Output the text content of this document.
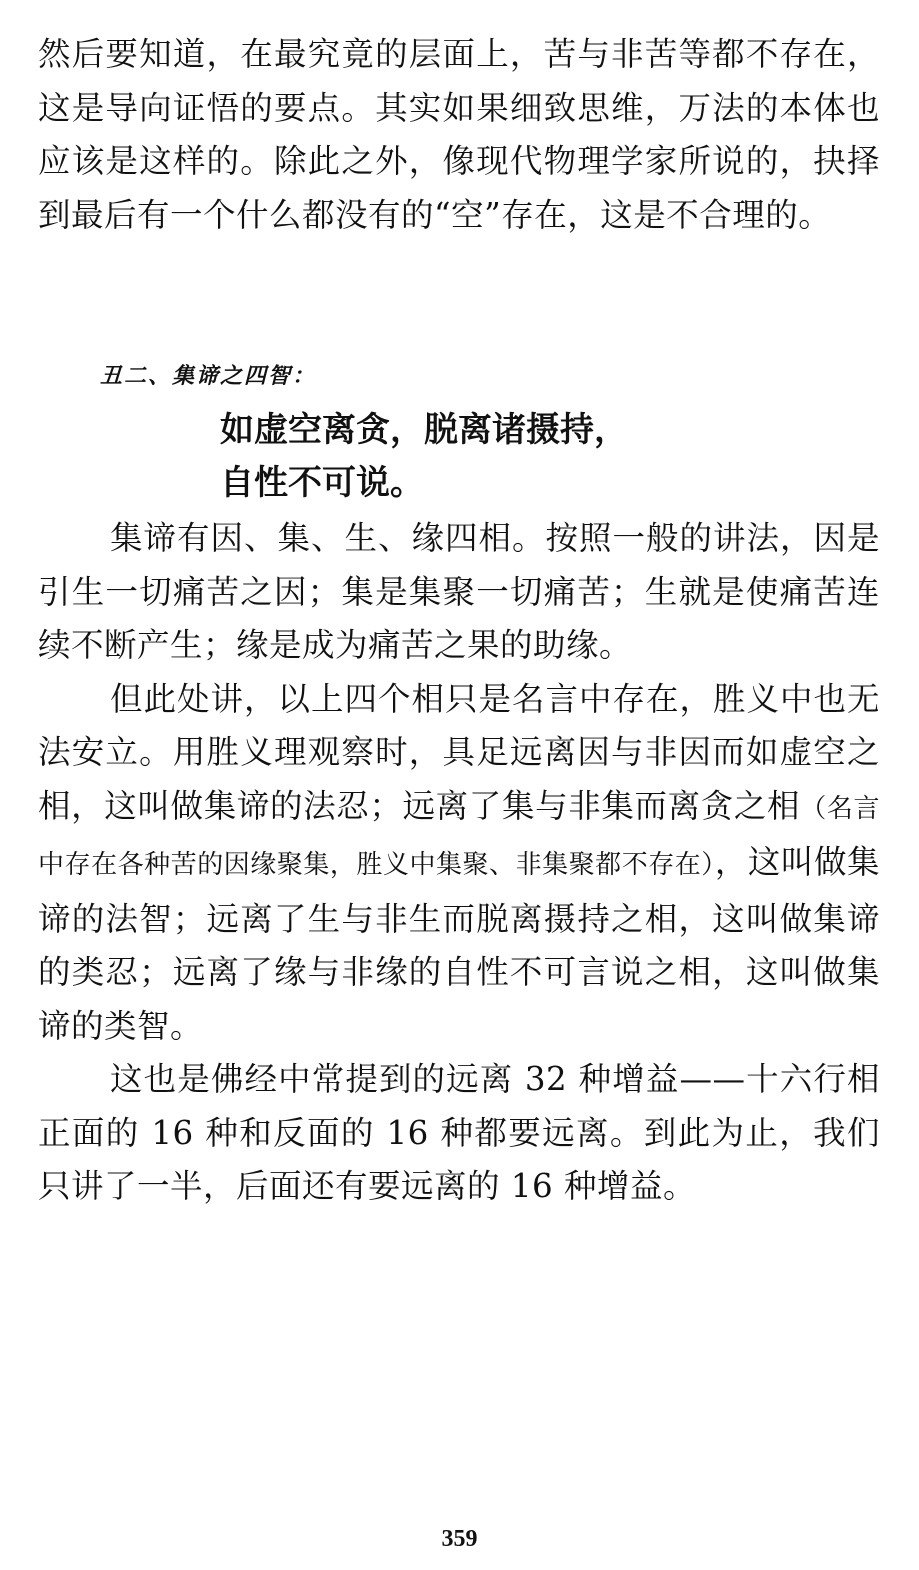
然后要知道，在最究竟的层面上，苦与非苦等都不存在，这是导向证悟的要点。其实如果细致思维，万法的本体也应该是这样的。除此之外，像现代物理学家所说的，抉择到最后有一个什么都没有的“空”存在，这是不合理的。

丑二、集谛之四智：
如虚空离贪，脱离诸摄持，
自性不可说。

集谛有因、集、生、缘四相。按照一般的讲法，因是引生一切痛苦之因；集是集聚一切痛苦；生就是使痛苦连续不断产生；缘是成为痛苦之果的助缘。

但此处讲，以上四个相只是名言中存在，胜义中也无法安立。用胜义理观察时，具足远离因与非因而如虚空之相，这叫做集谛的法忍；远离了集与非集而离贪之相（名言中存在各种苦的因缘聚集，胜义中集聚、非集聚都不存在），这叫做集谛的法智；远离了生与非生而脱离摄持之相，这叫做集谛的类忍；远离了缘与非缘的自性不可言说之相，这叫做集谛的类智。

这也是佛经中常提到的远离 32 种增益——十六行相正面的 16 种和反面的 16 种都要远离。到此为止，我们只讲了一半，后面还有要远离的 16 种增益。

359
